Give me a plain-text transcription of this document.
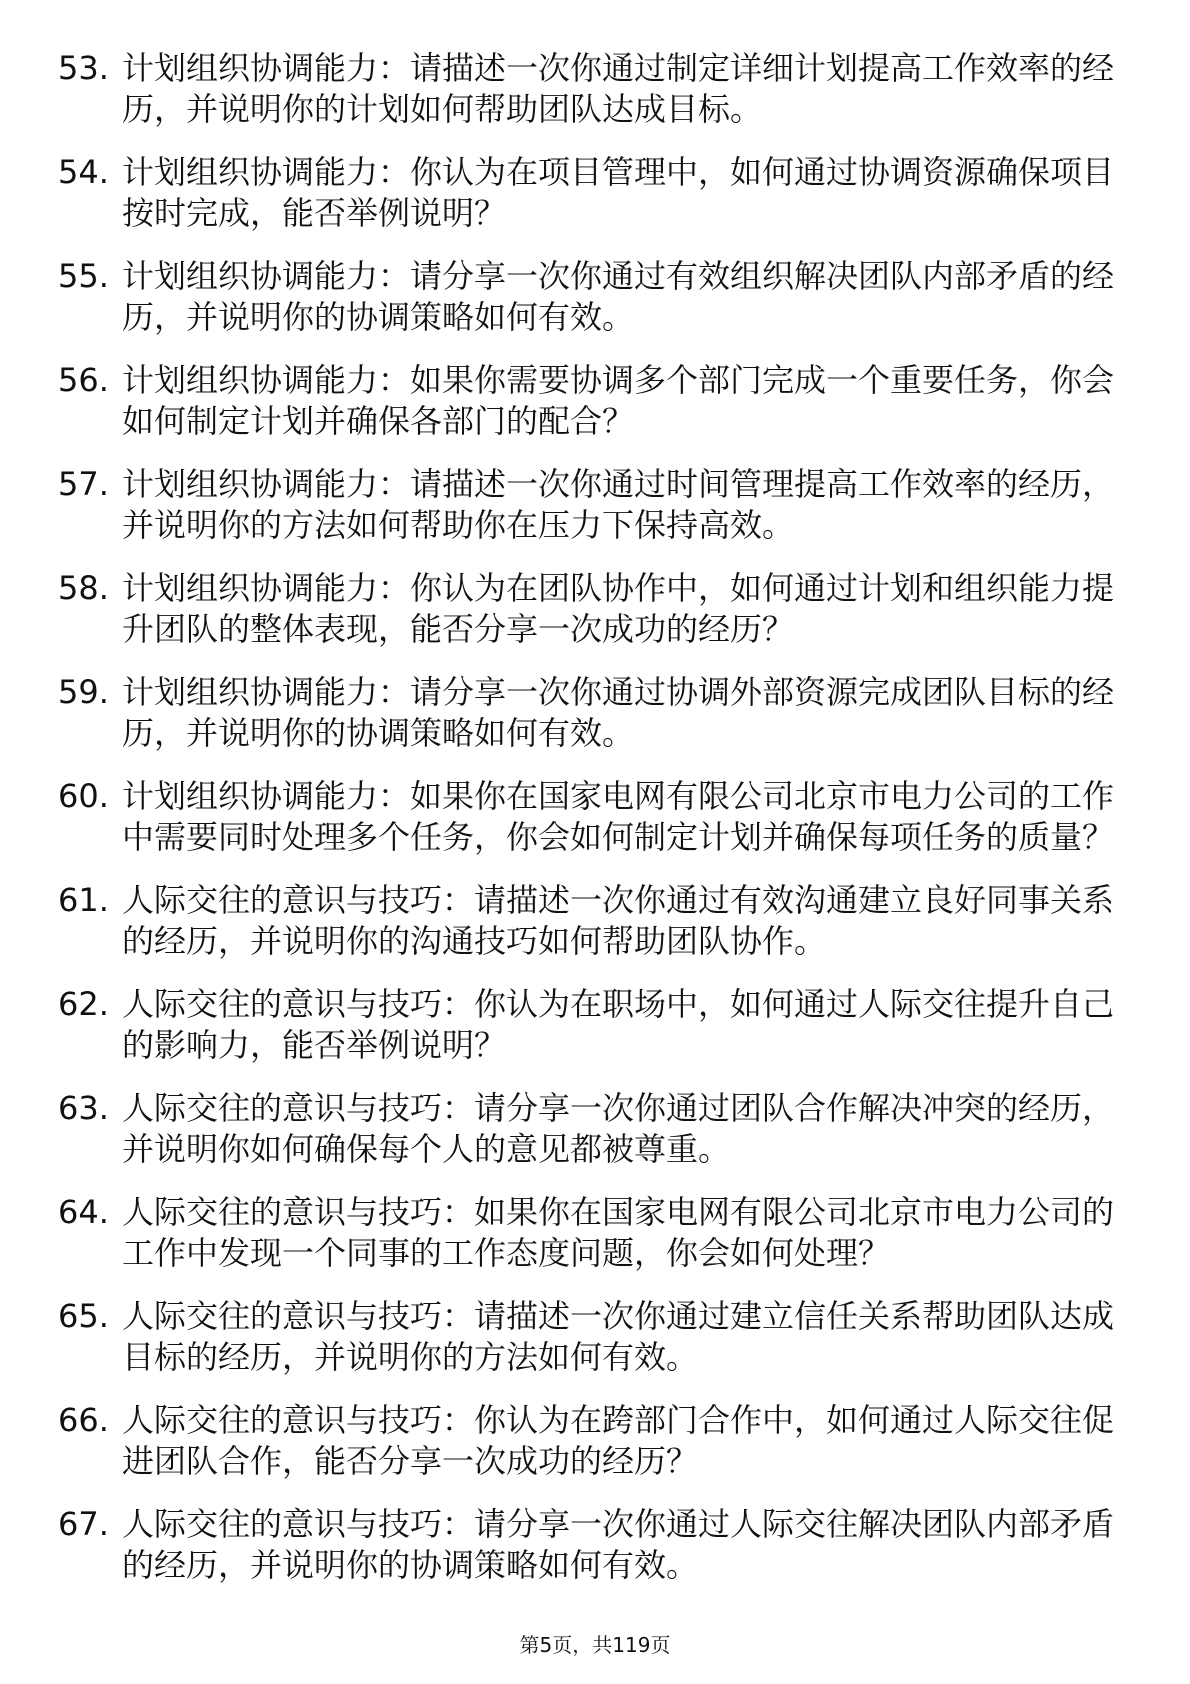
53. 计划组织协调能力：请描述一次你通过制定详细计划提高工作效率的经历，并说明你的计划如何帮助团队达成目标。
54. 计划组织协调能力：你认为在项目管理中，如何通过协调资源确保项目按时完成，能否举例说明？
55. 计划组织协调能力：请分享一次你通过有效组织解决团队内部矛盾的经历，并说明你的协调策略如何有效。
56. 计划组织协调能力：如果你需要协调多个部门完成一个重要任务，你会如何制定计划并确保各部门的配合？
57. 计划组织协调能力：请描述一次你通过时间管理提高工作效率的经历，并说明你的方法如何帮助你在压力下保持高效。
58. 计划组织协调能力：你认为在团队协作中，如何通过计划和组织能力提升团队的整体表现，能否分享一次成功的经历？
59. 计划组织协调能力：请分享一次你通过协调外部资源完成团队目标的经历，并说明你的协调策略如何有效。
60. 计划组织协调能力：如果你在国家电网有限公司北京市电力公司的工作中需要同时处理多个任务，你会如何制定计划并确保每项任务的质量？
61. 人际交往的意识与技巧：请描述一次你通过有效沟通建立良好同事关系的经历，并说明你的沟通技巧如何帮助团队协作。
62. 人际交往的意识与技巧：你认为在职场中，如何通过人际交往提升自己的影响力，能否举例说明？
63. 人际交往的意识与技巧：请分享一次你通过团队合作解决冲突的经历，并说明你如何确保每个人的意见都被尊重。
64. 人际交往的意识与技巧：如果你在国家电网有限公司北京市电力公司的工作中发现一个同事的工作态度问题，你会如何处理？
65. 人际交往的意识与技巧：请描述一次你通过建立信任关系帮助团队达成目标的经历，并说明你的方法如何有效。
66. 人际交往的意识与技巧：你认为在跨部门合作中，如何通过人际交往促进团队合作，能否分享一次成功的经历？
67. 人际交往的意识与技巧：请分享一次你通过人际交往解决团队内部矛盾的经历，并说明你的协调策略如何有效。
第5页，共119页
